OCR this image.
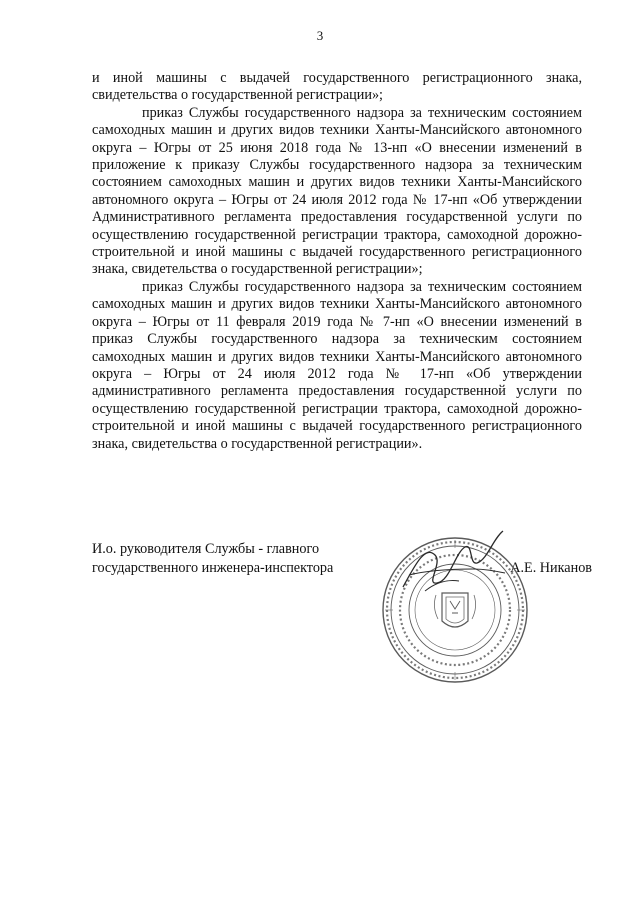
3

и иной машины с выдачей государственного регистрационного знака, свидетельства о государственной регистрации»;

приказ Службы государственного надзора за техническим состоянием самоходных машин и других видов техники Ханты-Мансийского автономного округа – Югры от 25 июня 2018 года № 13-нп «О внесении изменений в приложение к приказу Службы государственного надзора за техническим состоянием самоходных машин и других видов техники Ханты-Мансийского автономного округа – Югры от 24 июля 2012 года № 17-нп «Об утверждении Административного регламента предоставления государственной услуги по осуществлению государственной регистрации трактора, самоходной дорожно-строительной и иной машины с выдачей государственного регистрационного знака, свидетельства о государственной регистрации»;

приказ Службы государственного надзора за техническим состоянием самоходных машин и других видов техники Ханты-Мансийского автономного округа – Югры от 11 февраля 2019 года № 7-нп «О внесении изменений в приказ Службы государственного надзора за техническим состоянием самоходных машин и других видов техники Ханты-Мансийского автономного округа – Югры от 24 июля 2012 года № 17-нп «Об утверждении административного регламента предоставления государственной услуги по осуществлению государственной регистрации трактора, самоходной дорожно-строительной и иной машины с выдачей государственного регистрационного знака, свидетельства о государственной регистрации».

И.о. руководителя Службы - главного
государственного инженера-инспектора	А.Е. Никанов
